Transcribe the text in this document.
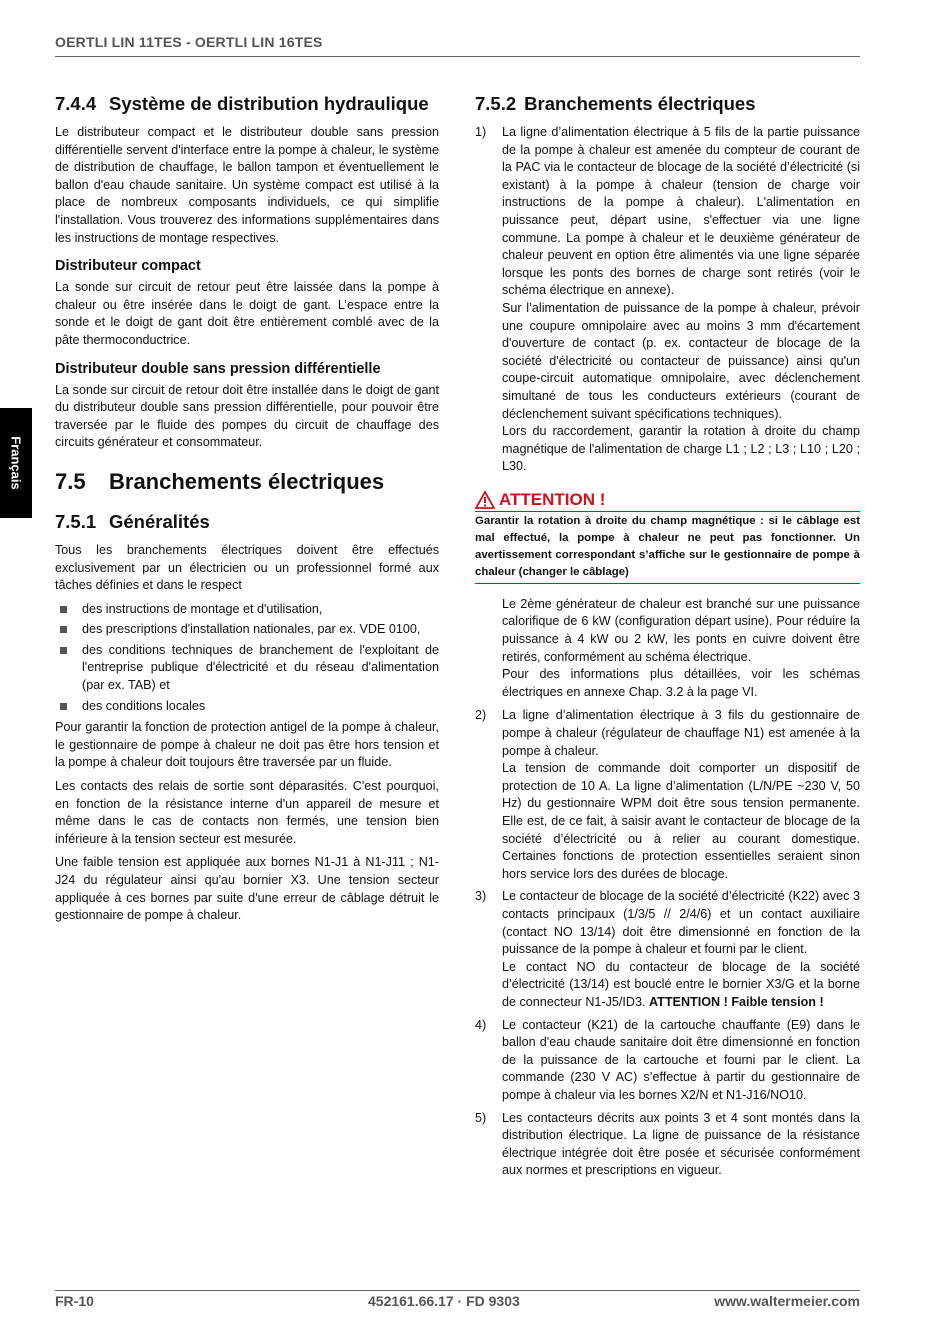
OERTLI LIN 11TES - OERTLI LIN 16TES
Français
7.4.4 Système de distribution hydraulique

Le distributeur compact et le distributeur double sans pression différentielle servent d'interface entre la pompe à chaleur, le système de distribution de chauffage, le ballon tampon et éventuellement le ballon d'eau chaude sanitaire. Un système compact est utilisé à la place de nombreux composants individuels, ce qui simplifie l'installation. Vous trouverez des informations supplémentaires dans les instructions de montage respectives.

Distributeur compact

La sonde sur circuit de retour peut être laissée dans la pompe à chaleur ou être insérée dans le doigt de gant. L’espace entre la sonde et le doigt de gant doit être entièrement comblé avec de la pâte thermoconductrice.

Distributeur double sans pression différentielle

La sonde sur circuit de retour doit être installée dans le doigt de gant du distributeur double sans pression différentielle, pour pouvoir être traversée par le fluide des pompes du circuit de chauffage des circuits générateur et consommateur.

7.5 Branchements électriques
7.5.1 Généralités

Tous les branchements électriques doivent être effectués exclusivement par un électricien ou un professionnel formé aux tâches définies et dans le respect

des instructions de montage et d'utilisation,
des prescriptions d'installation nationales, par ex. VDE 0100,
des conditions techniques de branchement de l'exploitant de l'entreprise publique d'électricité et du réseau d'alimentation (par ex. TAB) et
des conditions locales

Pour garantir la fonction de protection antigel de la pompe à chaleur, le gestionnaire de pompe à chaleur ne doit pas être hors tension et la pompe à chaleur doit toujours être traversée par un fluide.

Les contacts des relais de sortie sont déparasités. C'est pourquoi, en fonction de la résistance interne d'un appareil de mesure et même dans le cas de contacts non fermés, une tension bien inférieure à la tension secteur est mesurée.

Une faible tension est appliquée aux bornes N1-J1 à N1-J11 ; N1-J24 du régulateur ainsi qu'au bornier X3. Une tension secteur appliquée à ces bornes par suite d'une erreur de câblage détruit le gestionnaire de pompe à chaleur.

7.5.2 Branchements électriques
1) La ligne d’alimentation électrique à 5 fils de la partie puissance de la pompe à chaleur est amenée du compteur de courant de la PAC via le contacteur de blocage de la société d’électricité (si existant) à la pompe à chaleur (tension de charge voir instructions de la pompe à chaleur). L'alimentation en puissance peut, départ usine, s'effectuer via une ligne commune. La pompe à chaleur et le deuxième générateur de chaleur peuvent en option être alimentés via une ligne séparée lorsque les ponts des bornes de charge sont retirés (voir le schéma électrique en annexe).

Sur l’alimentation de puissance de la pompe à chaleur, prévoir une coupure omnipolaire avec au moins 3 mm d'écartement d'ouverture de contact (p. ex. contacteur de blocage de la société d'électricité ou contacteur de puissance) ainsi qu'un coupe-circuit automatique omnipolaire, avec déclenchement simultané de tous les conducteurs extérieurs (courant de déclenchement suivant spécifications techniques).

Lors du raccordement, garantir la rotation à droite du champ magnétique de l'alimentation de charge L1 ; L2 ; L3 ; L10 ; L20 ; L30.

ATTENTION !
Garantir la rotation à droite du champ magnétique : si le câblage est mal effectué, la pompe à chaleur ne peut pas fonctionner. Un avertissement correspondant s’affiche sur le gestionnaire de pompe à chaleur (changer le câblage)

Le 2ème générateur de chaleur est branché sur une puissance calorifique de 6 kW (configuration départ usine). Pour réduire la puissance à 4 kW ou 2 kW, les ponts en cuivre doivent être retirés, conformément au schéma électrique.

Pour des informations plus détaillées, voir les schémas électriques en annexe Chap. 3.2 à la page VI.

2) La ligne d’alimentation électrique à 3 fils du gestionnaire de pompe à chaleur (régulateur de chauffage N1) est amenée à la pompe à chaleur.

La tension de commande doit comporter un dispositif de protection de 10 A. La ligne d’alimentation (L/N/PE ~230 V, 50 Hz) du gestionnaire WPM doit être sous tension permanente. Elle est, de ce fait, à saisir avant le contacteur de blocage de la société d’électricité ou à relier au courant domestique. Certaines fonctions de protection essentielles seraient sinon hors service lors des durées de blocage.

3) Le contacteur de blocage de la société d’électricité (K22) avec 3 contacts principaux (1/3/5 // 2/4/6) et un contact auxiliaire (contact NO 13/14) doit être dimensionné en fonction de la puissance de la pompe à chaleur et fourni par le client.

Le contact NO du contacteur de blocage de la société d’électricité (13/14) est bouclé entre le bornier X3/G et la borne de connecteur N1-J5/ID3. ATTENTION ! Faible tension !

4) Le contacteur (K21) de la cartouche chauffante (E9) dans le ballon d'eau chaude sanitaire doit être dimensionné en fonction de la puissance de la cartouche et fourni par le client. La commande (230 V AC) s’effectue à partir du gestionnaire de pompe à chaleur via les bornes X2/N et N1-J16/NO10.

5) Les contacteurs décrits aux points 3 et 4 sont montés dans la distribution électrique. La ligne de puissance de la résistance électrique intégrée doit être posée et sécurisée conformément aux normes et prescriptions en vigueur.

FR-10	452161.66.17 · FD 9303	www.waltermeier.com
